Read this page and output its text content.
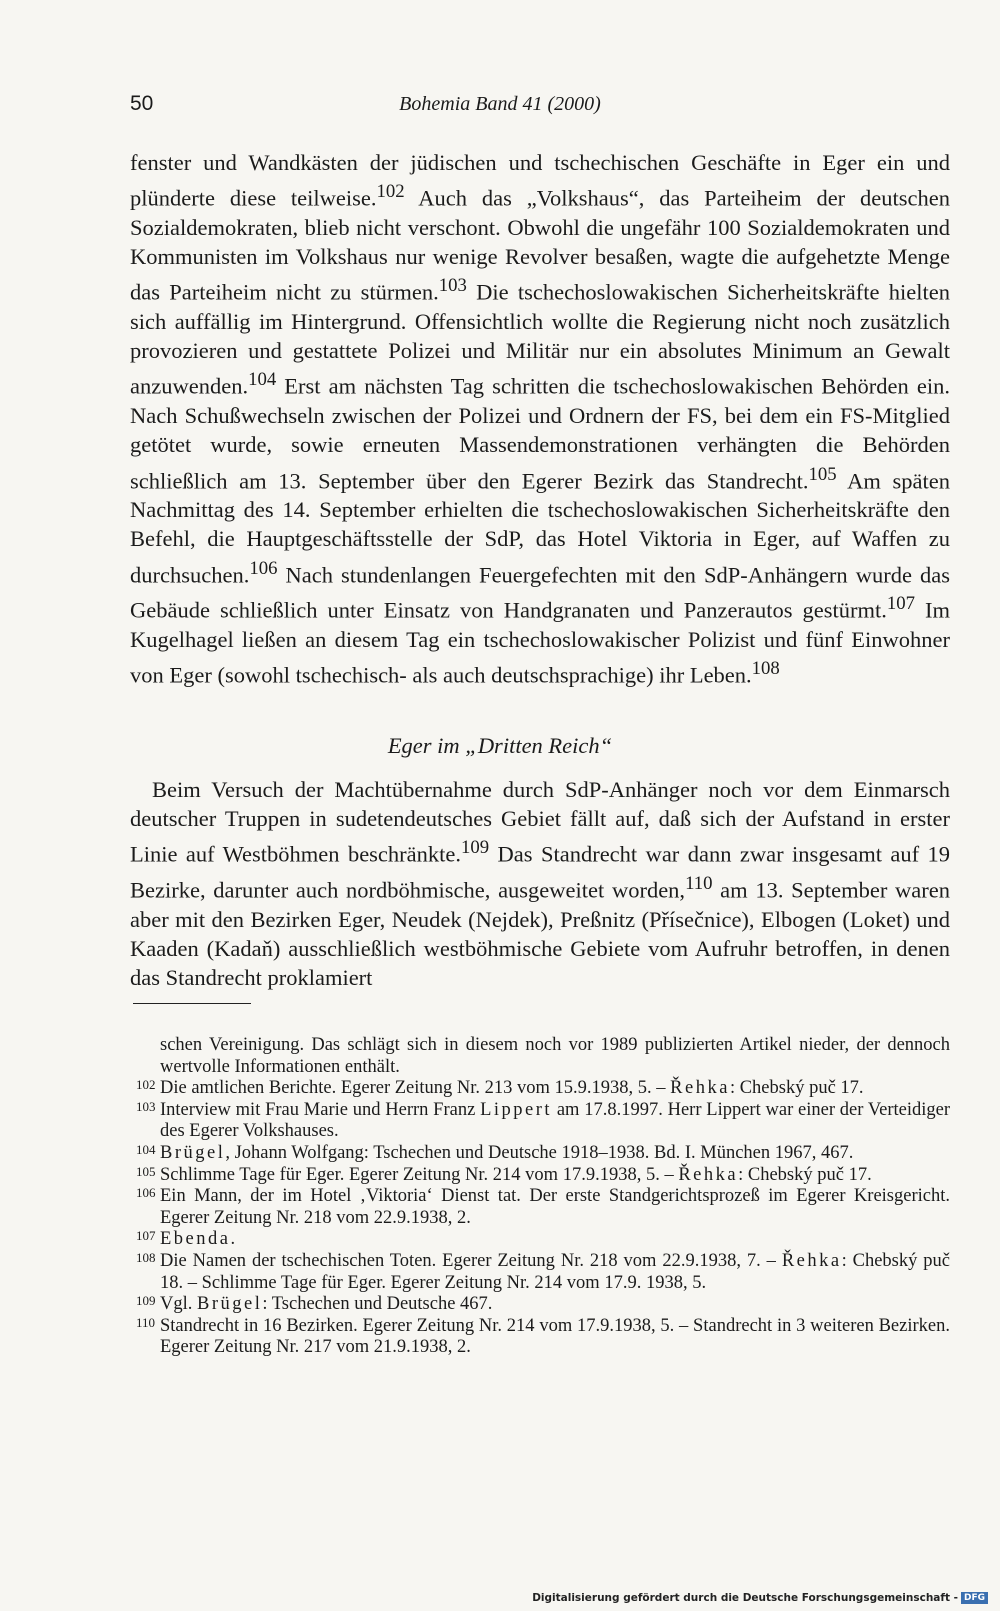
50	Bohemia Band 41 (2000)

fenster und Wandkästen der jüdischen und tschechischen Geschäfte in Eger ein und plünderte diese teilweise.$^{102}$ Auch das „Volkshaus“, das Parteiheim der deutschen Sozialdemokraten, blieb nicht verschont. Obwohl die ungefähr 100 Sozialdemokraten und Kommunisten im Volkshaus nur wenige Revolver besaßen, wagte die aufgehetzte Menge das Parteiheim nicht zu stürmen.$^{103}$ Die tschechoslowakischen Sicherheitskräfte hielten sich auffällig im Hintergrund. Offensichtlich wollte die Regierung nicht noch zusätzlich provozieren und gestattete Polizei und Militär nur ein absolutes Minimum an Gewalt anzuwenden.$^{104}$ Erst am nächsten Tag schritten die tschechoslowakischen Behörden ein. Nach Schußwechseln zwischen der Polizei und Ordnern der FS, bei dem ein FS-Mitglied getötet wurde, sowie erneuten Massendemonstrationen verhängten die Behörden schließlich am 13. September über den Egerer Bezirk das Standrecht.$^{105}$ Am späten Nachmittag des 14. September erhielten die tschechoslowakischen Sicherheitskräfte den Befehl, die Hauptgeschäftsstelle der SdP, das Hotel Viktoria in Eger, auf Waffen zu durchsuchen.$^{106}$ Nach stundenlangen Feuergefechten mit den SdP-Anhängern wurde das Gebäude schließlich unter Einsatz von Handgranaten und Panzerautos gestürmt.$^{107}$ Im Kugelhagel ließen an diesem Tag ein tschechoslowakischer Polizist und fünf Einwohner von Eger (sowohl tschechisch- als auch deutschsprachige) ihr Leben.$^{108}$

Eger im „Dritten Reich“

Beim Versuch der Machtübernahme durch SdP-Anhänger noch vor dem Einmarsch deutscher Truppen in sudetendeutsches Gebiet fällt auf, daß sich der Aufstand in erster Linie auf Westböhmen beschränkte.$^{109}$ Das Standrecht war dann zwar insgesamt auf 19 Bezirke, darunter auch nordböhmische, ausgeweitet worden,$^{110}$ am 13. September waren aber mit den Bezirken Eger, Neudek (Nejdek), Preßnitz (Přísečnice), Elbogen (Loket) und Kaaden (Kadaň) ausschließlich westböhmische Gebiete vom Aufruhr betroffen, in denen das Standrecht proklamiert

schen Vereinigung. Das schlägt sich in diesem noch vor 1989 publizierten Artikel nieder, der dennoch wertvolle Informationen enthält.

102 Die amtlichen Berichte. Egerer Zeitung Nr. 213 vom 15.9.1938, 5. – Řehka: Chebský puč 17.

103 Interview mit Frau Marie und Herrn Franz Lippert am 17.8.1997. Herr Lippert war einer der Verteidiger des Egerer Volkshauses.

104 Brügel, Johann Wolfgang: Tschechen und Deutsche 1918–1938. Bd. I. München 1967, 467.

105 Schlimme Tage für Eger. Egerer Zeitung Nr. 214 vom 17.9.1938, 5. – Řehka: Chebský puč 17.

106 Ein Mann, der im Hotel ‚Viktoria‘ Dienst tat. Der erste Standgerichtsprozeß im Egerer Kreisgericht. Egerer Zeitung Nr. 218 vom 22.9.1938, 2.

107 Ebenda.

108 Die Namen der tschechischen Toten. Egerer Zeitung Nr. 218 vom 22.9.1938, 7. – Řehka: Chebský puč 18. – Schlimme Tage für Eger. Egerer Zeitung Nr. 214 vom 17.9. 1938, 5.

109 Vgl. Brügel: Tschechen und Deutsche 467.

110 Standrecht in 16 Bezirken. Egerer Zeitung Nr. 214 vom 17.9.1938, 5. – Standrecht in 3 weiteren Bezirken. Egerer Zeitung Nr. 217 vom 21.9.1938, 2.

Digitalisierung gefördert durch die Deutsche Forschungsgemeinschaft - DFG
